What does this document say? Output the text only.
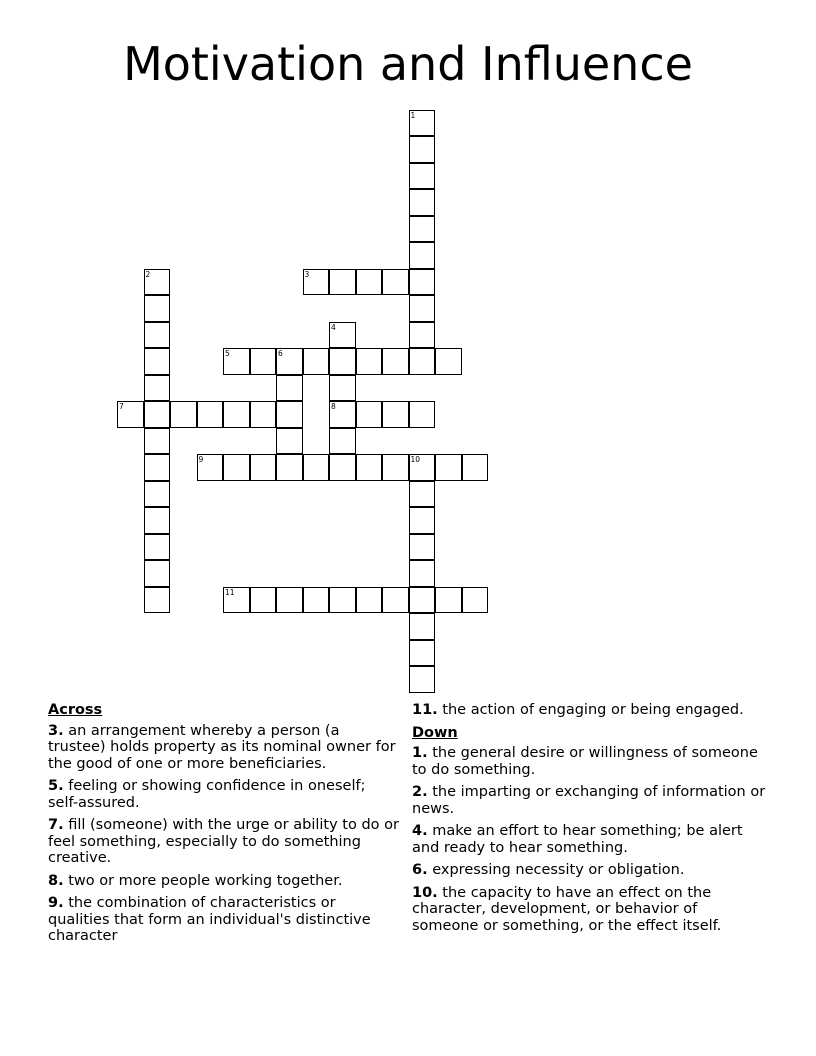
Motivation and Influence
1
2	3
4
8
5	6
7
9	10
11
Across
3. an arrangement whereby a person (a trustee) holds property as its nominal owner for the good of one or more beneficiaries.
5. feeling or showing confidence in oneself; self-assured.
7. fill (someone) with the urge or ability to do or feel something, especially to do something creative.
8. two or more people working together.
9. the combination of characteristics or qualities that form an individual's distinctive character
11. the action of engaging or being engaged.
Down
1. the general desire or willingness of someone to do something.
2. the imparting or exchanging of information or news.
4. make an effort to hear something; be alert and ready to hear something.
6. expressing necessity or obligation.
10. the capacity to have an effect on the character, development, or behavior of someone or something, or the effect itself.
